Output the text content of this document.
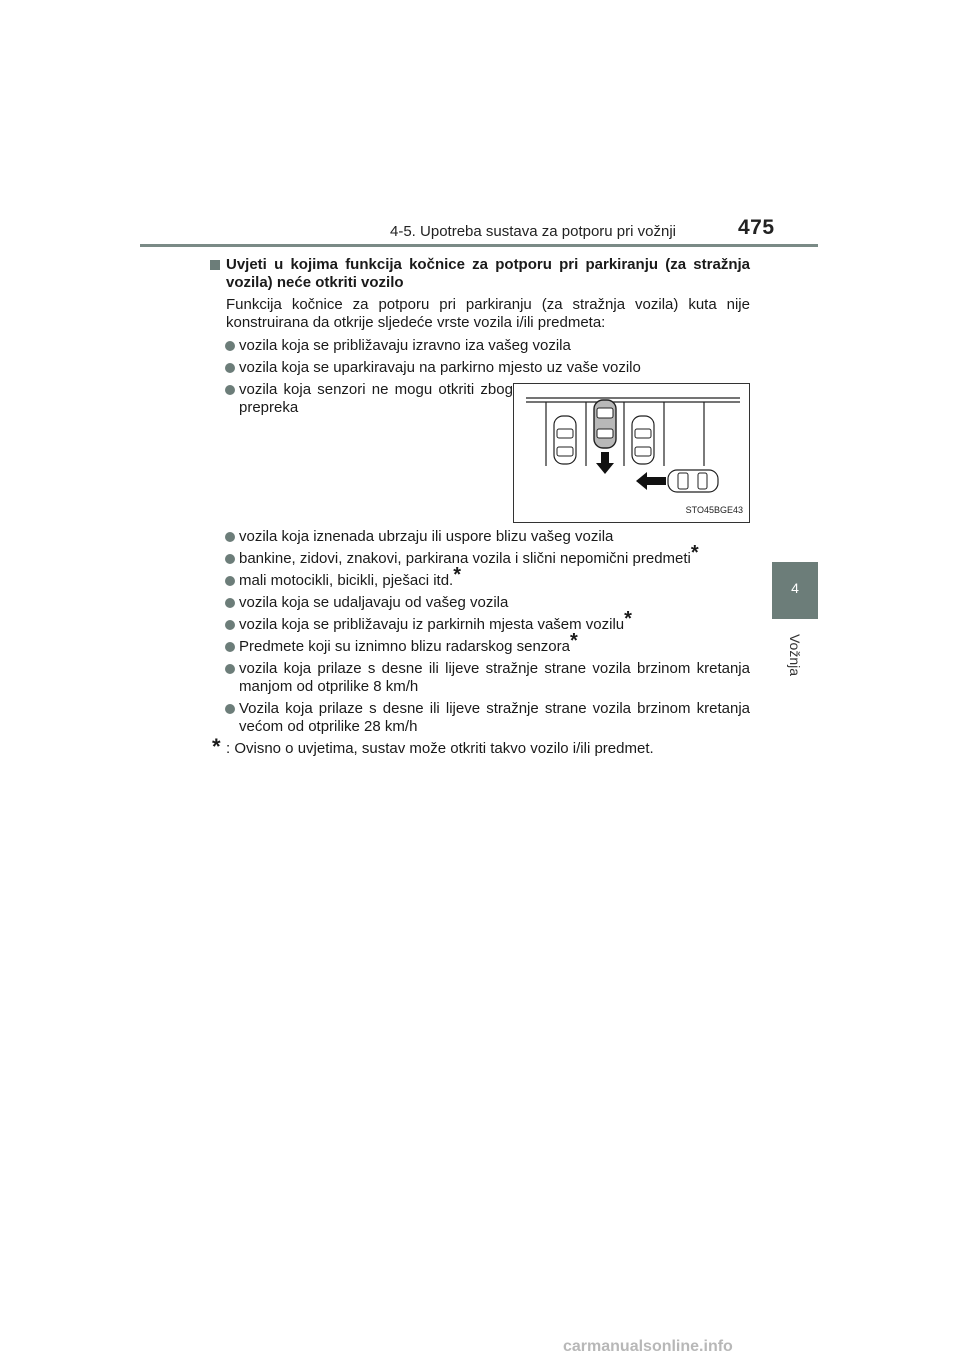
4-5. Upotreba sustava za potporu pri vožnji	475
4
Vožnja
Uvjeti u kojima funkcija kočnice za potporu pri parkiranju (za stražnja vozila) neće otkriti vozilo
Funkcija kočnice za potporu pri parkiranju (za stražnja vozila) kuta nije konstruirana da otkrije sljedeće vrste vozila i/ili predmeta:
vozila koja se približavaju izravno iza vašeg vozila
vozila koja se uparkiravaju na parkirno mjesto uz vaše vozilo
vozila koja senzori ne mogu otkriti zbog prepreka
STO45BGE43
vozila koja iznenada ubrzaju ili uspore blizu vašeg vozila
bankine, zidovi, znakovi, parkirana vozila i slični nepomični predmeti*
mali motocikli, bicikli, pješaci itd.*
vozila koja se udaljavaju od vašeg vozila
vozila koja se približavaju iz parkirnih mjesta vašem vozilu*
Predmete koji su iznimno blizu radarskog senzora*
vozila koja prilaze s desne ili lijeve stražnje strane vozila brzinom kretanja manjom od otprilike 8 km/h
Vozila koja prilaze s desne ili lijeve stražnje strane vozila brzinom kretanja većom od otprilike 28 km/h
* : Ovisno o uvjetima, sustav može otkriti takvo vozilo i/ili predmet.
carmanualsonline.info
